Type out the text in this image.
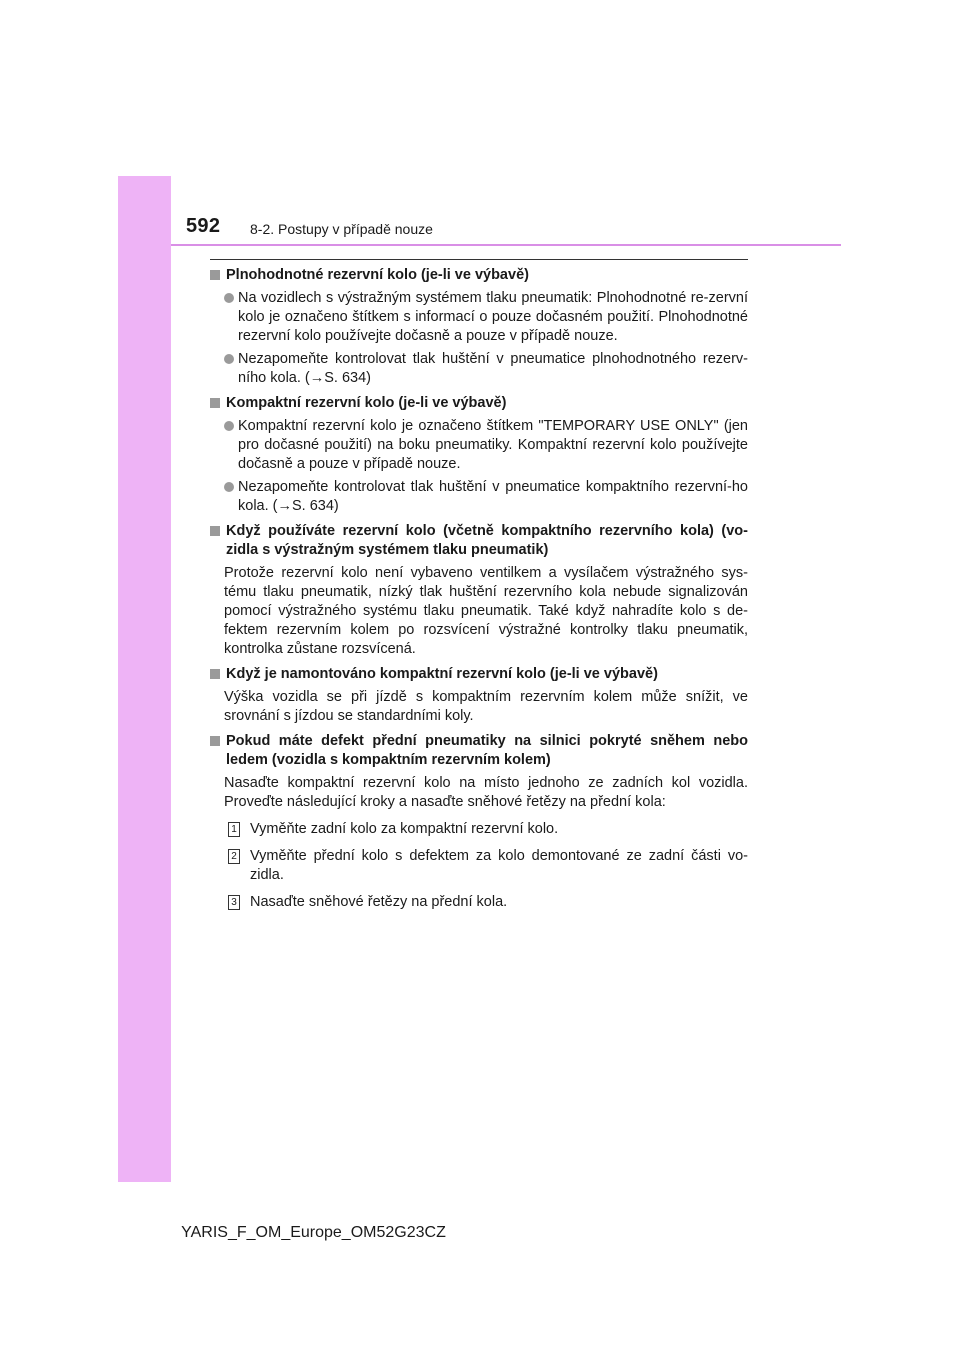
592 8-2. Postupy v případě nouze
Plnohodnotné rezervní kolo (je-li ve výbavě)
Na vozidlech s výstražným systémem tlaku pneumatik: Plnohodnotné re-zervní kolo je označeno štítkem s informací o pouze dočasném použití. Plnohodnotné rezervní kolo používejte dočasně a pouze v případě nouze.
Nezapomeňte kontrolovat tlak huštění v pneumatice plnohodnotného rezerv-ního kola. (→S. 634)
Kompaktní rezervní kolo (je-li ve výbavě)
Kompaktní rezervní kolo je označeno štítkem "TEMPORARY USE ONLY" (jen pro dočasné použití) na boku pneumatiky. Kompaktní rezervní kolo používejte dočasně a pouze v případě nouze.
Nezapomeňte kontrolovat tlak huštění v pneumatice kompaktního rezervní-ho kola. (→S. 634)
Když používáte rezervní kolo (včetně kompaktního rezervního kola) (vo-zidla s výstražným systémem tlaku pneumatik)
Protože rezervní kolo není vybaveno ventilkem a vysílačem výstražného sys-tému tlaku pneumatik, nízký tlak huštění rezervního kola nebude signalizován pomocí výstražného systému tlaku pneumatik. Také když nahradíte kolo s de-fektem rezervním kolem po rozsvícení výstražné kontrolky tlaku pneumatik, kontrolka zůstane rozsvícená.
Když je namontováno kompaktní rezervní kolo (je-li ve výbavě)
Výška vozidla se při jízdě s kompaktním rezervním kolem může snížit, ve srovnání s jízdou se standardními koly.
Pokud máte defekt přední pneumatiky na silnici pokryté sněhem nebo ledem (vozidla s kompaktním rezervním kolem)
Nasaďte kompaktní rezervní kolo na místo jednoho ze zadních kol vozidla. Proveďte následující kroky a nasaďte sněhové řetězy na přední kola:
1 Vyměňte zadní kolo za kompaktní rezervní kolo.
2 Vyměňte přední kolo s defektem za kolo demontované ze zadní části vo-zidla.
3 Nasaďte sněhové řetězy na přední kola.
YARIS_F_OM_Europe_OM52G23CZ
